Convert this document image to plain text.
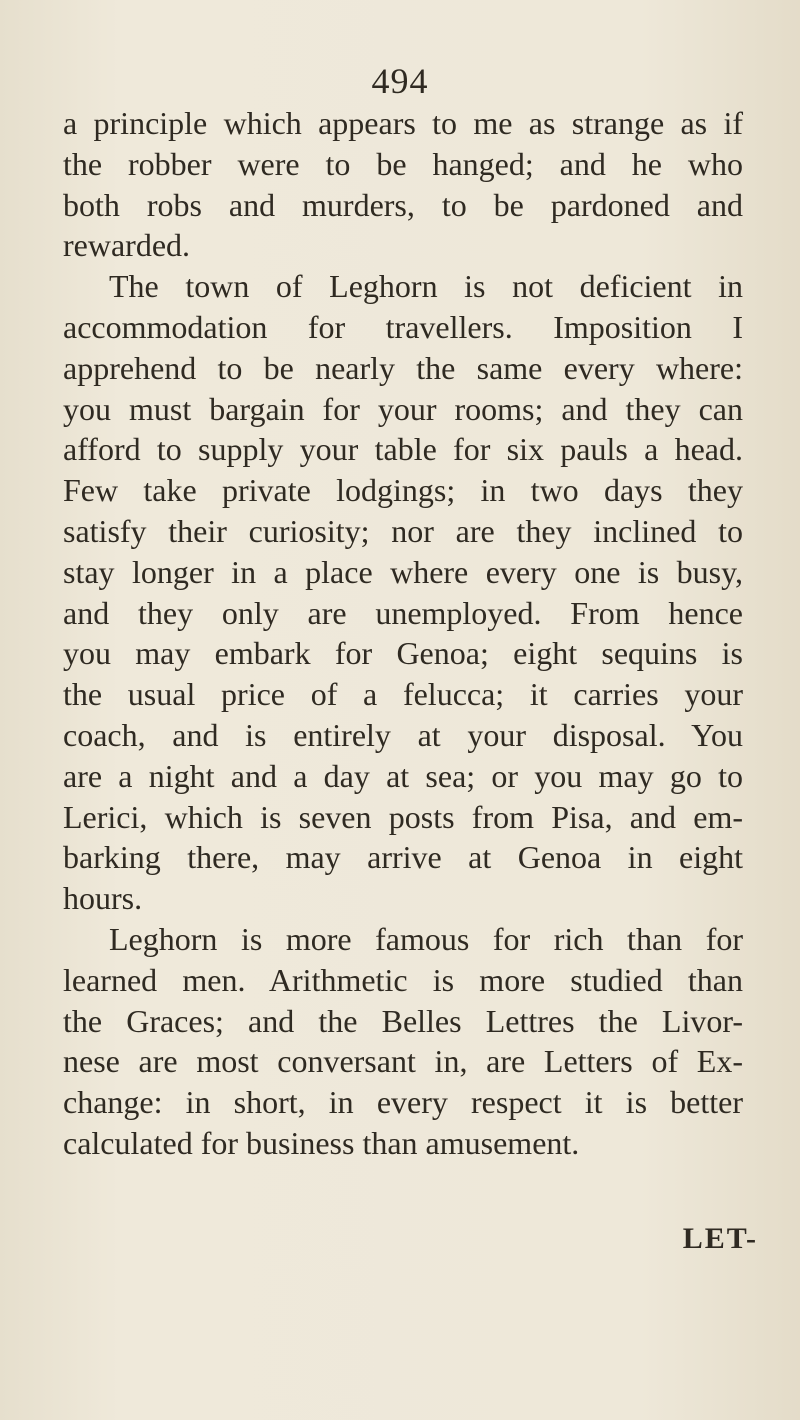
494
a principle which appears to me as strange as if
the robber were to be hanged; and he who
both robs and murders, to be pardoned and
rewarded.
The town of Leghorn is not deficient in
accommodation for travellers. Imposition I
apprehend to be nearly the same every where:
you must bargain for your rooms; and they can
afford to supply your table for six pauls a head.
Few take private lodgings; in two days they
satisfy their curiosity; nor are they inclined to
stay longer in a place where every one is busy,
and they only are unemployed. From hence
you may embark for Genoa; eight sequins is
the usual price of a felucca; it carries your
coach, and is entirely at your disposal. You
are a night and a day at sea; or you may go to
Lerici, which is seven posts from Pisa, and em-
barking there, may arrive at Genoa in eight
hours.
Leghorn is more famous for rich than for
learned men. Arithmetic is more studied than
the Graces; and the Belles Lettres the Livor-
nese are most conversant in, are Letters of Ex-
change: in short, in every respect it is better
calculated for business than amusement.
LET-
